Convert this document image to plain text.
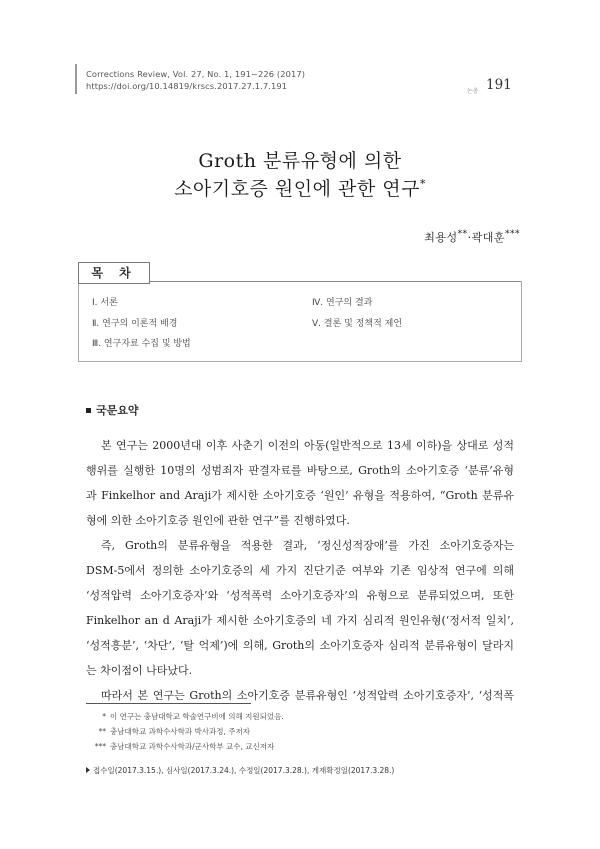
Corrections Review, Vol. 27, No. 1, 191~226 (2017)
https://doi.org/10.14819/krscs.2017.27.1.7.191
논총 191
Groth 분류유형에 의한
소아기호증 원인에 관한 연구*
최용성**·곽대훈***
목 차
Ⅰ. 서론
Ⅱ. 연구의 이론적 배경
Ⅲ. 연구자료 수집 및 방법
Ⅳ. 연구의 결과
Ⅴ. 결론 및 정책적 제언
국문요약
본 연구는 2000년대 이후 사춘기 이전의 아동(일반적으로 13세 이하)을 상대로 성적
행위를 실행한 10명의 성범죄자 판결자료를 바탕으로, Groth의 소아기호증 ‘분류’유형
과 Finkelhor and Araji가 제시한 소아기호증 ‘원인’ 유형을 적용하여, “Groth 분류유
형에 의한 소아기호증 원인에 관한 연구”를 진행하였다.
즉, Groth의 분류유형을 적용한 결과, ‘정신성적장애’를 가진 소아기호증자는
DSM-5에서 정의한 소아기호증의 세 가지 진단기준 여부와 기존 임상적 연구에 의해
‘성적압력 소아기호증자’와 ‘성적폭력 소아기호증자’의 유형으로 분류되었으며, 또한
Finkelhor an d Araji가 제시한 소아기호증의 네 가지 심리적 원인유형(‘정서적 일치’,
‘성적흥분’, ‘차단’, ‘탈 억제’)에 의해, Groth의 소아기호증자 심리적 분류유형이 달라지
는 차이점이 나타났다.
따라서 본 연구는 Groth의 소아기호증 분류유형인 ‘성적압력 소아기호증자’, ‘성적폭
* 이 연구는 충남대학교 학술연구비에 의해 지원되었음.
** 충남대학교 과학수사학과 박사과정, 주저자
*** 충남대학교 과학수사학과/군사학부 교수, 교신저자
접수일(2017.3.15.), 심사일(2017.3.24.), 수정일(2017.3.28.), 게재확정일(2017.3.28.)
